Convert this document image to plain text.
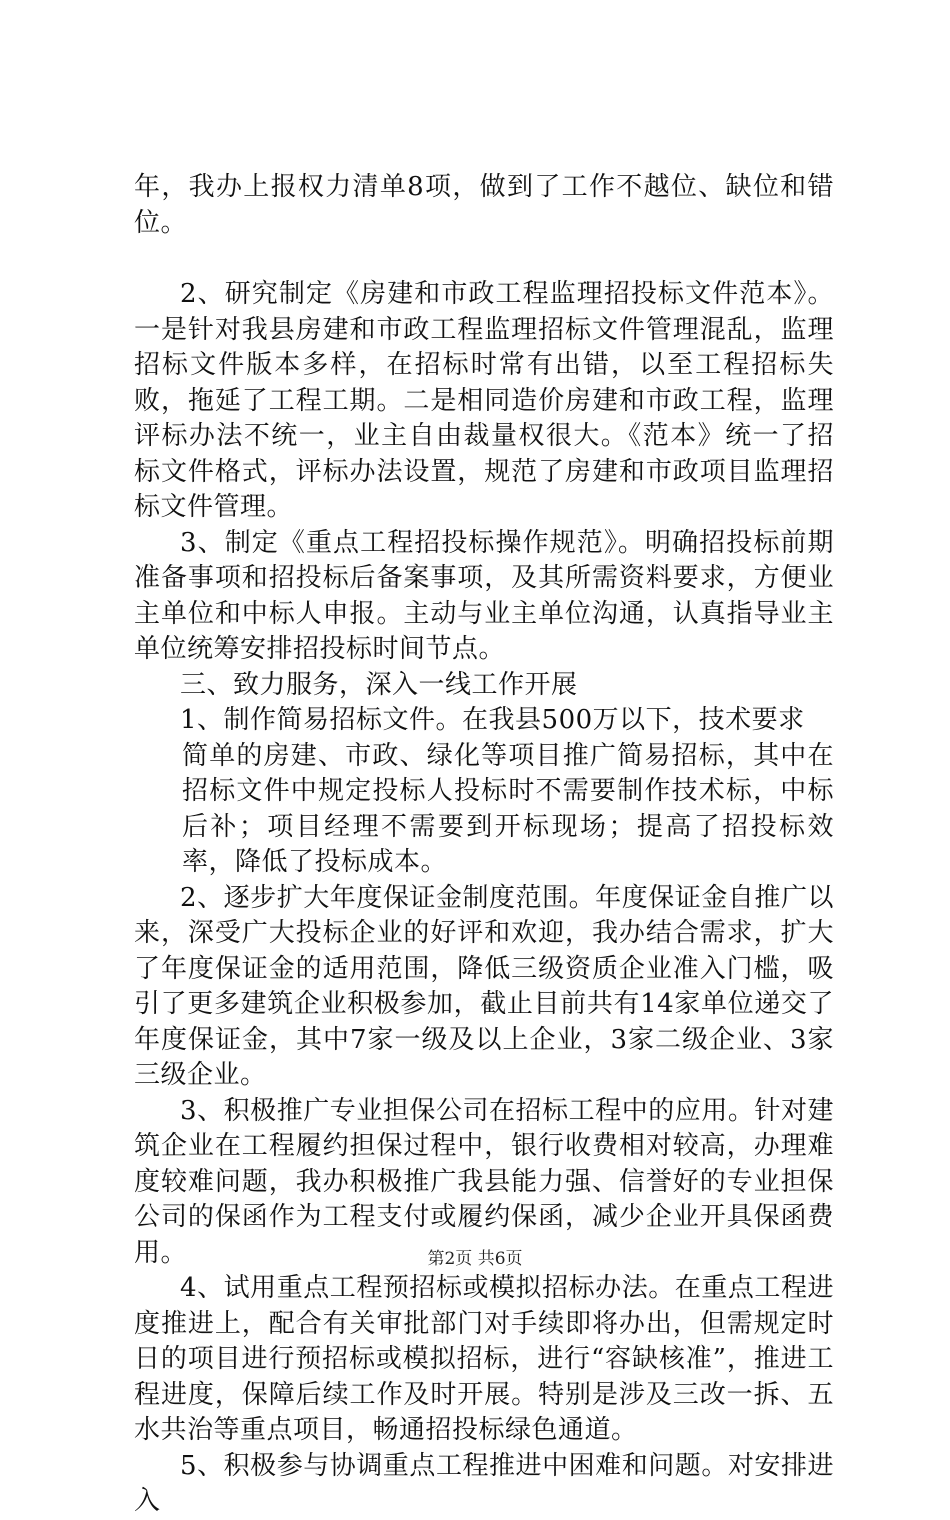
年，我办上报权力清单8项，做到了工作不越位、缺位和错位。

2、研究制定《房建和市政工程监理招投标文件范本》。一是针对我县房建和市政工程监理招标文件管理混乱，监理招标文件版本多样，在招标时常有出错，以至工程招标失败，拖延了工程工期。二是相同造价房建和市政工程，监理评标办法不统一，业主自由裁量权很大。《范本》统一了招标文件格式，评标办法设置，规范了房建和市政项目监理招标文件管理。

3、制定《重点工程招投标操作规范》。明确招投标前期准备事项和招投标后备案事项，及其所需资料要求，方便业主单位和中标人申报。主动与业主单位沟通，认真指导业主单位统筹安排招投标时间节点。

三、致力服务，深入一线工作开展

1、制作简易招标文件。在我县500万以下，技术要求

简单的房建、市政、绿化等项目推广简易招标，其中在招标文件中规定投标人投标时不需要制作技术标，中标后补；项目经理不需要到开标现场；提高了招投标效率，降低了投标成本。

2、逐步扩大年度保证金制度范围。年度保证金自推广以来，深受广大投标企业的好评和欢迎，我办结合需求，扩大了年度保证金的适用范围，降低三级资质企业准入门槛，吸引了更多建筑企业积极参加，截止目前共有14家单位递交了年度保证金，其中7家一级及以上企业，3家二级企业、3家三级企业。

3、积极推广专业担保公司在招标工程中的应用。针对建筑企业在工程履约担保过程中，银行收费相对较高，办理难度较难问题，我办积极推广我县能力强、信誉好的专业担保公司的保函作为工程支付或履约保函，减少企业开具保函费用。

4、试用重点工程预招标或模拟招标办法。在重点工程进度推进上，配合有关审批部门对手续即将办出，但需规定时日的项目进行预招标或模拟招标，进行“容缺核准”，推进工程进度，保障后续工作及时开展。特别是涉及三改一拆、五水共治等重点项目，畅通招投标绿色通道。

5、积极参与协调重点工程推进中困难和问题。对安排进入

第2页 共6页
